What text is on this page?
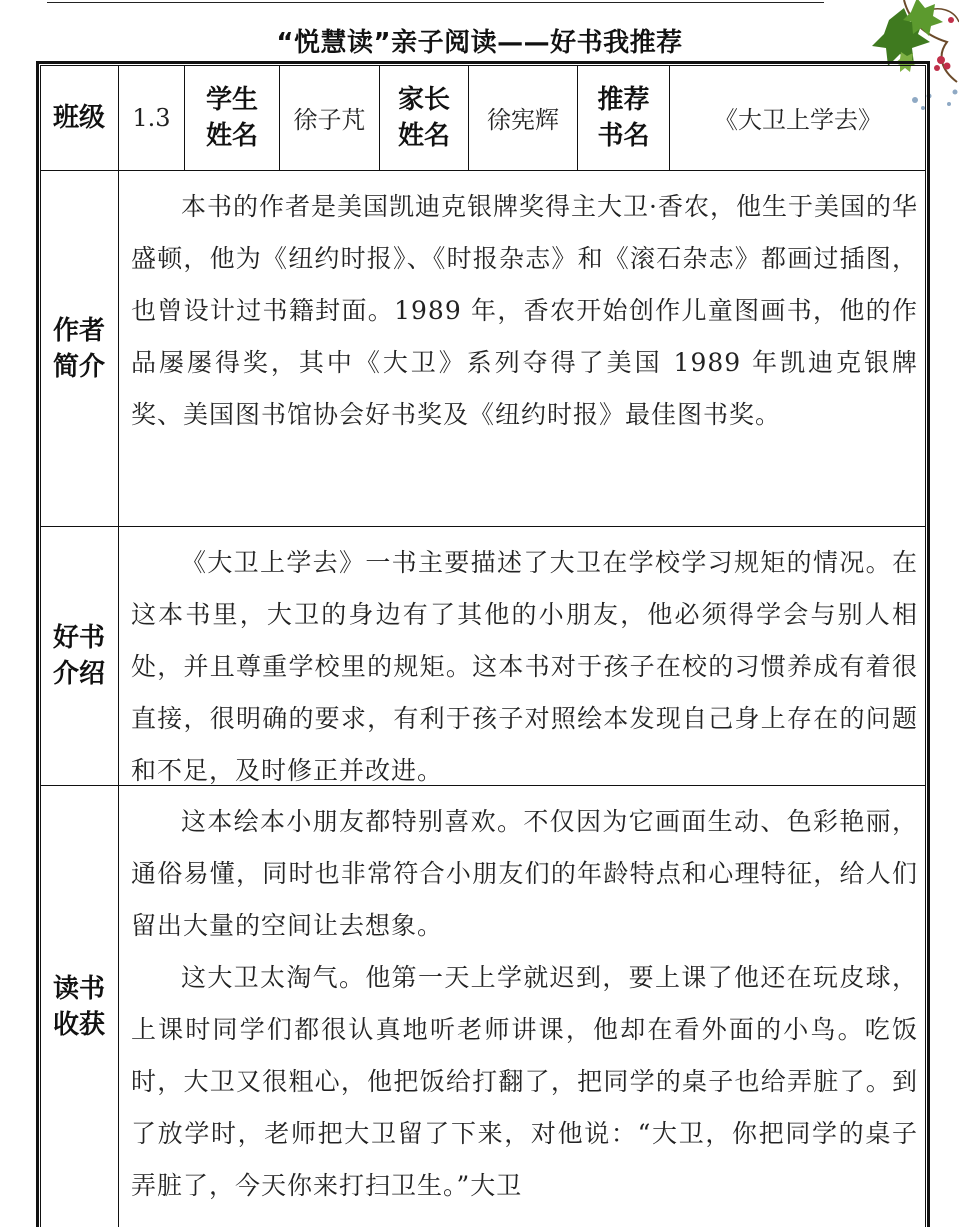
“悦慧读”亲子阅读——好书我推荐
班级 1.3
学生姓名
徐子芃
家长姓名
徐宪辉
推荐书名
《大卫上学去》
作者简介

本书的作者是美国凯迪克银牌奖得主大卫·香农，他生于美国的华盛顿，他为《纽约时报》、《时报杂志》和《滚石杂志》都画过插图，也曾设计过书籍封面。1989 年，香农开始创作儿童图画书，他的作品屡屡得奖，其中《大卫》系列夺得了美国 1989 年凯迪克银牌奖、美国图书馆协会好书奖及《纽约时报》最佳图书奖。

好书介绍

《大卫上学去》一书主要描述了大卫在学校学习规矩的情况。在这本书里，大卫的身边有了其他的小朋友，他必须得学会与别人相处，并且尊重学校里的规矩。这本书对于孩子在校的习惯养成有着很直接，很明确的要求，有利于孩子对照绘本发现自己身上存在的问题和不足，及时修正并改进。

读书收获

这本绘本小朋友都特别喜欢。不仅因为它画面生动、色彩艳丽，通俗易懂，同时也非常符合小朋友们的年龄特点和心理特征，给人们留出大量的空间让去想象。

这大卫太淘气。他第一天上学就迟到，要上课了他还在玩皮球，上课时同学们都很认真地听老师讲课，他却在看外面的小鸟。吃饭时，大卫又很粗心，他把饭给打翻了，把同学的桌子也给弄脏了。到了放学时，老师把大卫留了下来，对他说：“大卫，你把同学的桌子弄脏了，今天你来打扫卫生。”大卫
